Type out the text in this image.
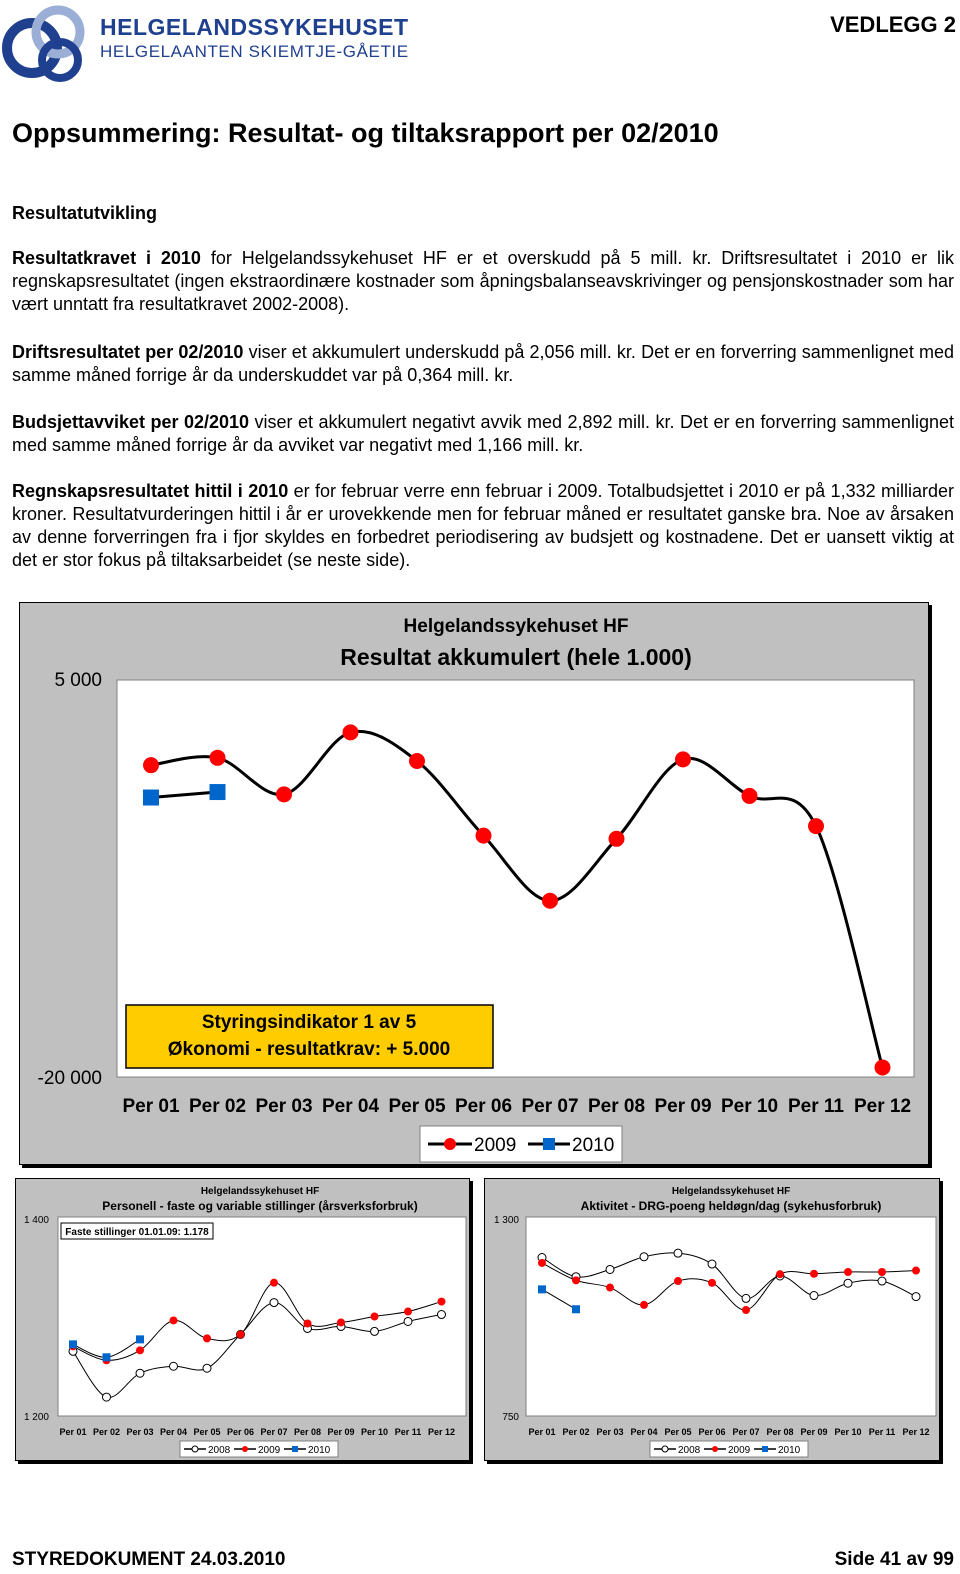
HELGELANDSSYKEHUSET
HELGELAANTEN SKIEMTJE-GÅETIE
VEDLEGG 2
Oppsummering: Resultat- og tiltaksrapport per 02/2010
Resultatutvikling
Resultatkravet i 2010 for Helgelandssykehuset HF er et overskudd på 5 mill. kr. Driftsresultatet i 2010 er lik regnskapsresultatet (ingen ekstraordinære kostnader som åpningsbalanseavskrivinger og pensjonskostnader som har vært unntatt fra resultatkravet 2002-2008).
Driftsresultatet per 02/2010 viser et akkumulert underskudd på 2,056 mill. kr. Det er en forverring sammenlignet med samme måned forrige år da underskuddet var på 0,364 mill. kr.
Budsjettavviket per 02/2010 viser et akkumulert negativt avvik med 2,892 mill. kr. Det er en forverring sammenlignet med samme måned forrige år da avviket var negativt med 1,166 mill. kr.
Regnskapsresultatet hittil i 2010 er for februar verre enn februar i 2009. Totalbudsjettet i 2010 er på 1,332 milliarder kroner. Resultatvurderingen hittil i år er urovekkende men for februar måned er resultatet ganske bra. Noe av årsaken av denne forverringen fra i fjor skyldes en forbedret periodisering av budsjett og kostnadene. Det er uansett viktig at det er stor fokus på tiltaksarbeidet (se neste side).
Helgelandssykehuset HF
Resultat akkumulert (hele 1.000)
5 000
-20 000
Styringsindikator 1 av 5
Økonomi - resultatkrav: + 5.000
Per 01 Per 02 Per 03 Per 04 Per 05 Per 06 Per 07 Per 08 Per 09 Per 10 Per 11 Per 12
2009	2010
Helgelandssykehuset HF
Personell - faste og variable stillinger (årsverksforbruk)
1 400
1 200
Faste stillinger 01.01.09: 1.178
Per 01 Per 02 Per 03 Per 04 Per 05 Per 06 Per 07 Per 08 Per 09 Per 10 Per 11 Per 12
2008	2009	2010
Helgelandssykehuset HF
Aktivitet - DRG-poeng heldøgn/dag (sykehusforbruk)
1 300
750
Per 01 Per 02 Per 03 Per 04 Per 05 Per 06 Per 07 Per 08 Per 09 Per 10 Per 11 Per 12
2008	2009	2010
STYREDOKUMENT 24.03.2010	Side 41 av 99
